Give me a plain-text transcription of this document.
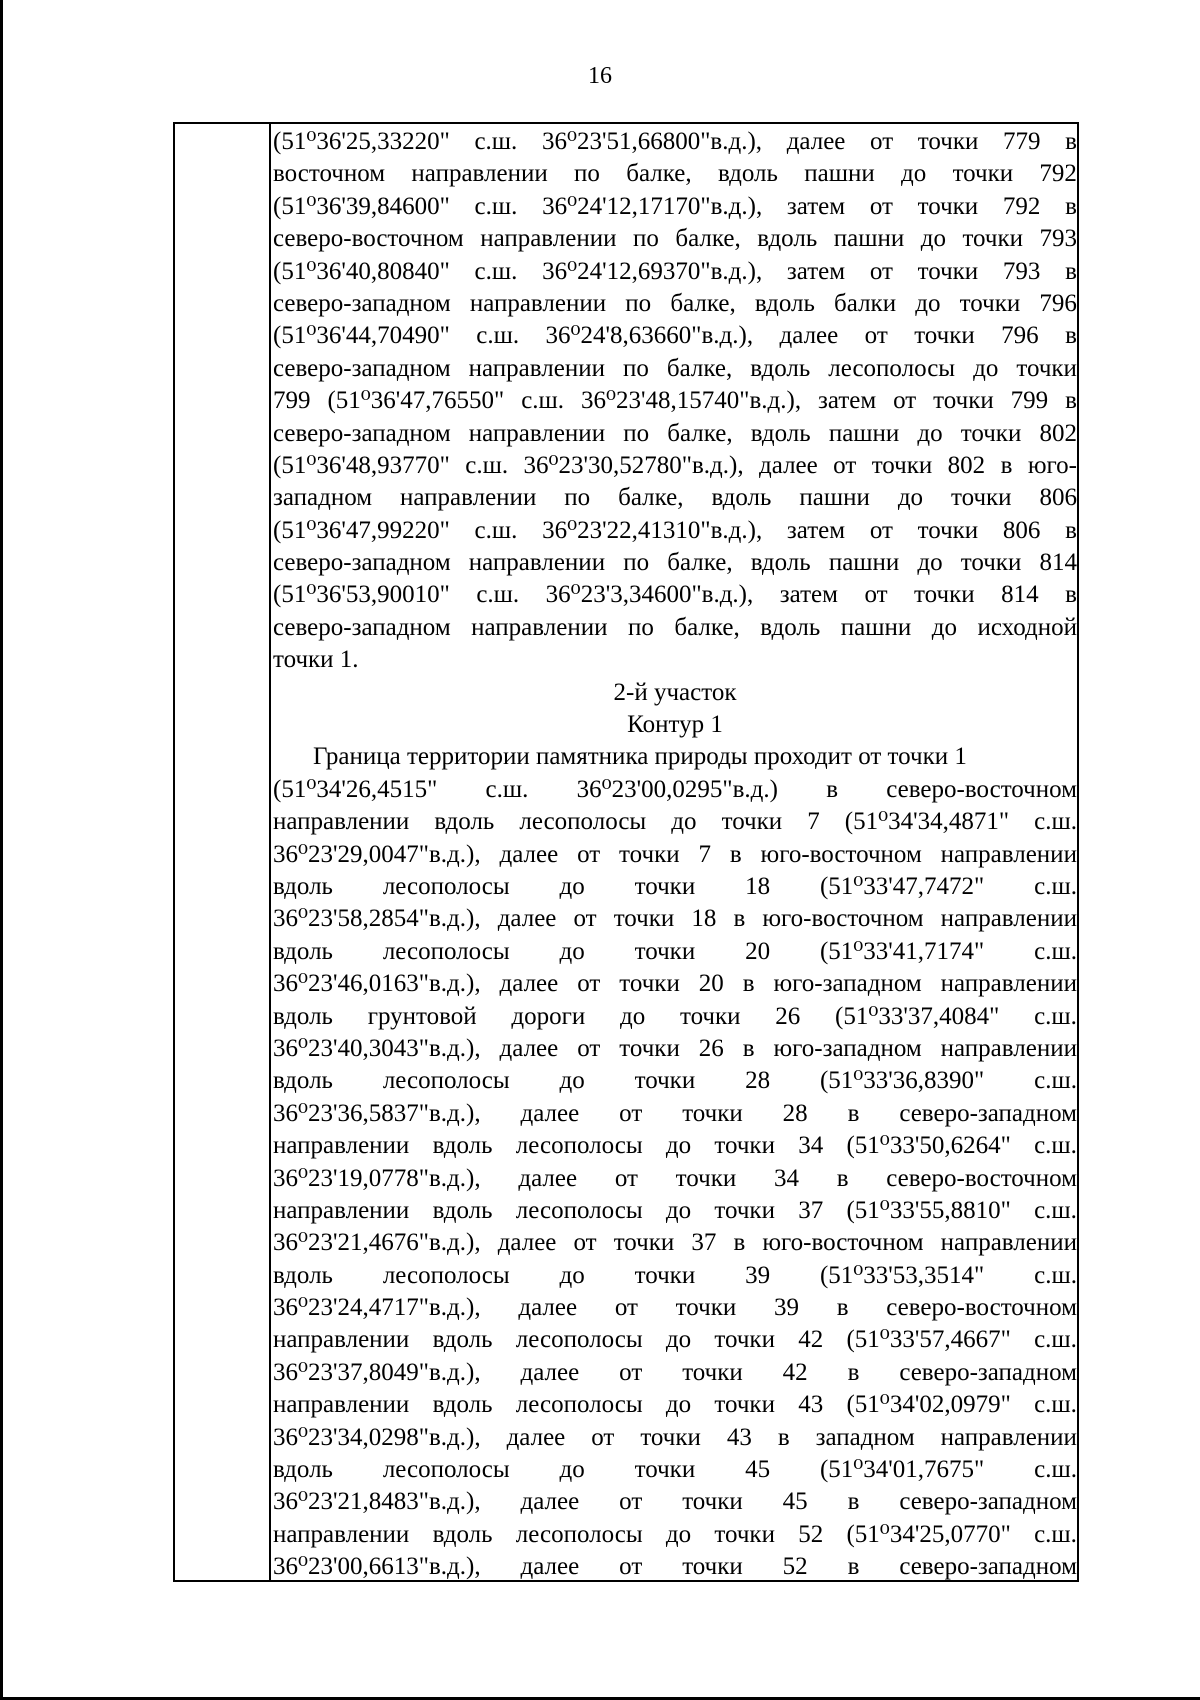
16
(51⁰36'25,33220" с.ш. 36⁰23'51,66800"в.д.), далее от точки 779 в
восточном направлении по балке, вдоль пашни до точки 792
(51⁰36'39,84600" с.ш. 36⁰24'12,17170"в.д.), затем от точки 792 в
северо-восточном направлении по балке, вдоль пашни до точки 793
(51⁰36'40,80840" с.ш. 36⁰24'12,69370"в.д.), затем от точки 793 в
северо-западном направлении по балке, вдоль балки до точки 796
(51⁰36'44,70490" с.ш. 36⁰24'8,63660"в.д.), далее от точки 796 в
северо-западном направлении по балке, вдоль лесополосы до точки
799 (51⁰36'47,76550" с.ш. 36⁰23'48,15740"в.д.), затем от точки 799 в
северо-западном направлении по балке, вдоль пашни до точки 802
(51⁰36'48,93770" с.ш. 36⁰23'30,52780"в.д.), далее от точки 802 в юго-
западном направлении по балке, вдоль пашни до точки 806
(51⁰36'47,99220" с.ш. 36⁰23'22,41310"в.д.), затем от точки 806 в
северо-западном направлении по балке, вдоль пашни до точки 814
(51⁰36'53,90010" с.ш. 36⁰23'3,34600"в.д.), затем от точки 814 в
северо-западном направлении по балке, вдоль пашни до исходной
точки 1.
2-й участок
Контур 1
Граница территории памятника природы проходит от точки 1
(51⁰34'26,4515" с.ш. 36⁰23'00,0295"в.д.) в северо-восточном
направлении вдоль лесополосы до точки 7 (51⁰34'34,4871" с.ш.
36⁰23'29,0047"в.д.), далее от точки 7 в юго-восточном направлении
вдоль лесополосы до точки 18 (51⁰33'47,7472" с.ш.
36⁰23'58,2854"в.д.), далее от точки 18 в юго-восточном направлении
вдоль лесополосы до точки 20 (51⁰33'41,7174" с.ш.
36⁰23'46,0163"в.д.), далее от точки 20 в юго-западном направлении
вдоль грунтовой дороги до точки 26 (51⁰33'37,4084" с.ш.
36⁰23'40,3043"в.д.), далее от точки 26 в юго-западном направлении
вдоль лесополосы до точки 28 (51⁰33'36,8390" с.ш.
36⁰23'36,5837"в.д.), далее от точки 28 в северо-западном
направлении вдоль лесополосы до точки 34 (51⁰33'50,6264" с.ш.
36⁰23'19,0778"в.д.), далее от точки 34 в северо-восточном
направлении вдоль лесополосы до точки 37 (51⁰33'55,8810" с.ш.
36⁰23'21,4676"в.д.), далее от точки 37 в юго-восточном направлении
вдоль лесополосы до точки 39 (51⁰33'53,3514" с.ш.
36⁰23'24,4717"в.д.), далее от точки 39 в северо-восточном
направлении вдоль лесополосы до точки 42 (51⁰33'57,4667" с.ш.
36⁰23'37,8049"в.д.), далее от точки 42 в северо-западном
направлении вдоль лесополосы до точки 43 (51⁰34'02,0979" с.ш.
36⁰23'34,0298"в.д.), далее от точки 43 в западном направлении
вдоль лесополосы до точки 45 (51⁰34'01,7675" с.ш.
36⁰23'21,8483"в.д.), далее от точки 45 в северо-западном
направлении вдоль лесополосы до точки 52 (51⁰34'25,0770" с.ш.
36⁰23'00,6613"в.д.), далее от точки 52 в северо-западном
